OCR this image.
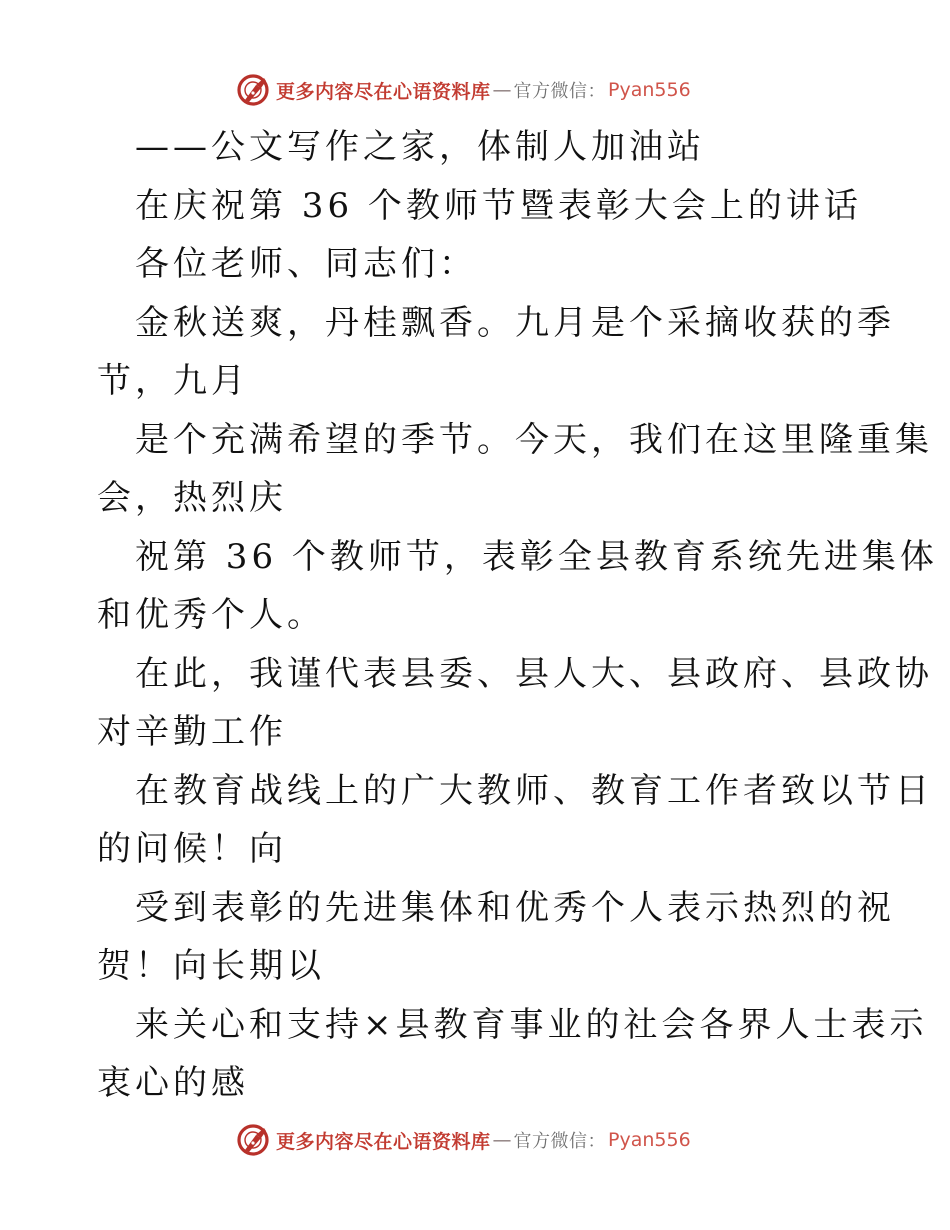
更多内容尽在心语资料库 — 官方微信： Pyan556

——公文写作之家，体制人加油站

在庆祝第 36 个教师节暨表彰大会上的讲话

各位老师、同志们：

金秋送爽，丹桂飘香。九月是个采摘收获的季

节，九月

是个充满希望的季节。今天，我们在这里隆重集

会，热烈庆

祝第 36 个教师节，表彰全县教育系统先进集体

和优秀个人。

在此，我谨代表县委、县人大、县政府、县政协

对辛勤工作

在教育战线上的广大教师、教育工作者致以节日

的问候！向

受到表彰的先进集体和优秀个人表示热烈的祝

贺！向长期以

来关心和支持×县教育事业的社会各界人士表示

衷心的感

更多内容尽在心语资料库 — 官方微信： Pyan556
